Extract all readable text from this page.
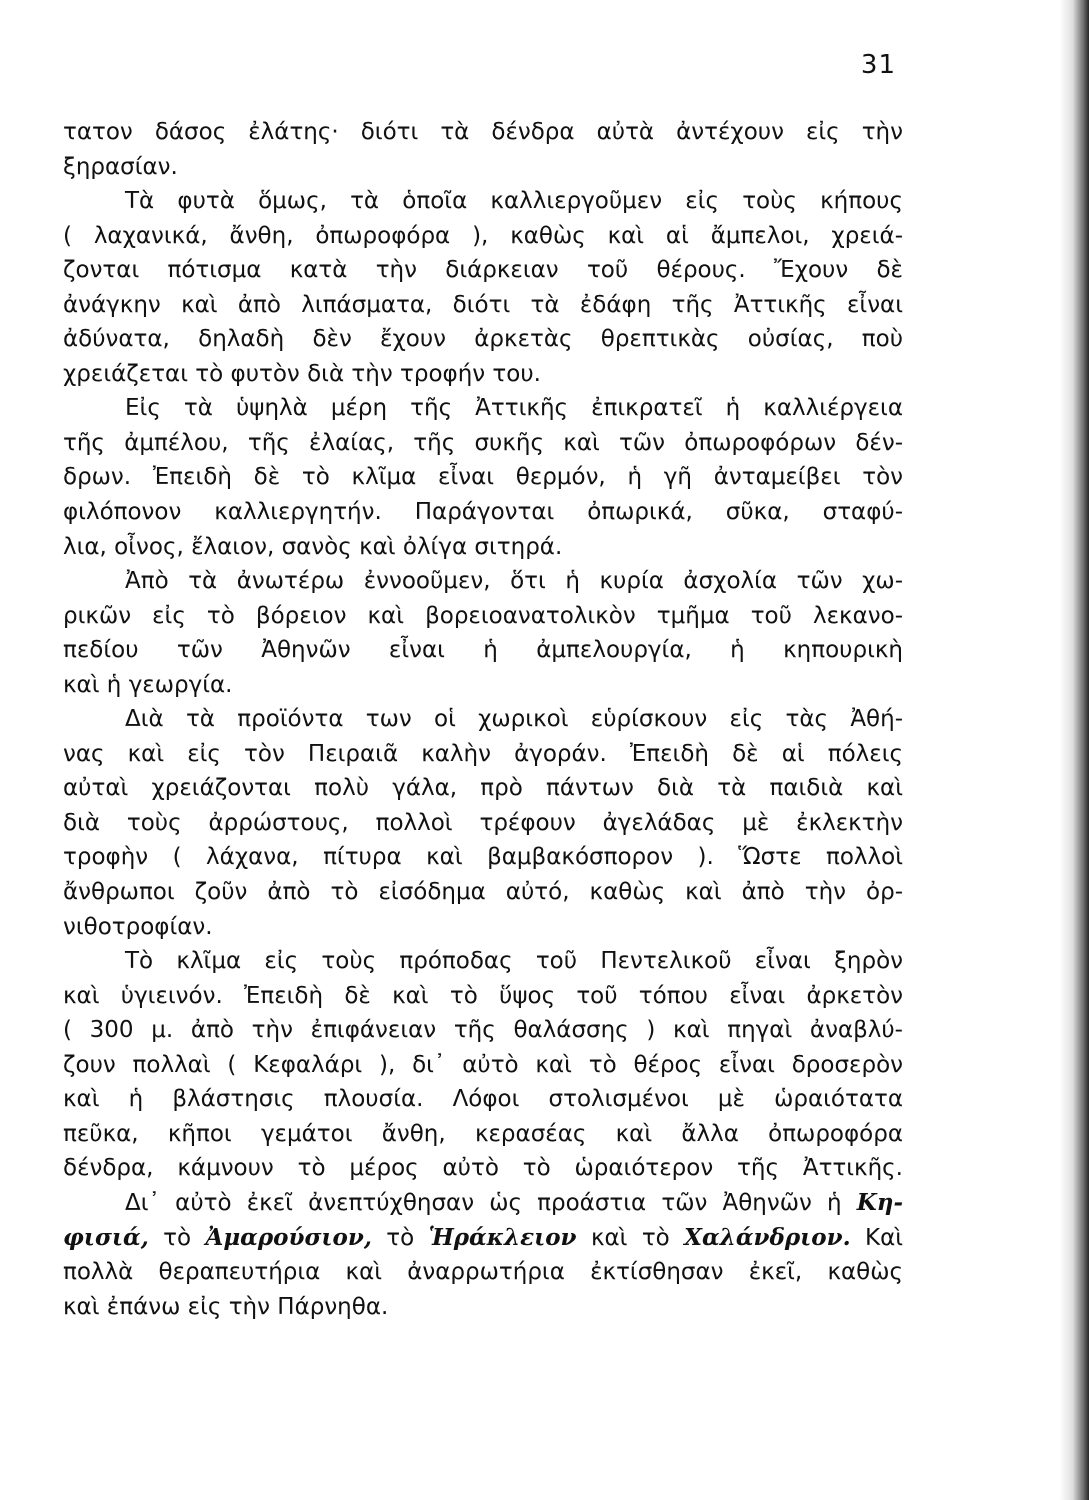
31
τατον δάσος ἐλάτης· διότι τὰ δένδρα αὐτὰ ἀντέχουν εἰς τὴν
ξηρασίαν.
Τὰ φυτὰ ὅμως, τὰ ὁποῖα καλλιεργοῦμεν εἰς τοὺς κήπους
( λαχανικά, ἄνθη, ὀπωροφόρα ), καθὼς καὶ αἱ ἄμπελοι, χρειά-
ζονται πότισμα κατὰ τὴν διάρκειαν τοῦ θέρους. Ἔχουν δὲ
ἀνάγκην καὶ ἀπὸ λιπάσματα, διότι τὰ ἐδάφη τῆς Ἀττικῆς εἶναι
ἀδύνατα, δηλαδὴ δὲν ἔχουν ἀρκετὰς θρεπτικὰς οὐσίας, ποὺ
χρειάζεται τὸ φυτὸν διὰ τὴν τροφήν του.
Εἰς τὰ ὑψηλὰ μέρη τῆς Ἀττικῆς ἐπικρατεῖ ἡ καλλιέργεια
τῆς ἀμπέλου, τῆς ἐλαίας, τῆς συκῆς καὶ τῶν ὀπωροφόρων δέν-
δρων. Ἐπειδὴ δὲ τὸ κλῖμα εἶναι θερμόν, ἡ γῆ ἀνταμείβει τὸν
φιλόπονον καλλιεργητήν. Παράγονται ὀπωρικά, σῦκα, σταφύ-
λια, οἶνος, ἔλαιον, σανὸς καὶ ὀλίγα σιτηρά.
Ἀπὸ τὰ ἀνωτέρω ἐννοοῦμεν, ὅτι ἡ κυρία ἀσχολία τῶν χω-
ρικῶν εἰς τὸ βόρειον καὶ βορειοανατολικὸν τμῆμα τοῦ λεκανο-
πεδίου τῶν Ἀθηνῶν εἶναι ἡ ἀμπελουργία, ἡ κηπουρικὴ
καὶ ἡ γεωργία.
Διὰ τὰ προϊόντα των οἱ χωρικοὶ εὑρίσκουν εἰς τὰς Ἀθή-
νας καὶ εἰς τὸν Πειραιᾶ καλὴν ἀγοράν. Ἐπειδὴ δὲ αἱ πόλεις
αὐταὶ χρειάζονται πολὺ γάλα, πρὸ πάντων διὰ τὰ παιδιὰ καὶ
διὰ τοὺς ἀρρώστους, πολλοὶ τρέφουν ἀγελάδας μὲ ἐκλεκτὴν
τροφὴν ( λάχανα, πίτυρα καὶ βαμβακόσπορον ). Ὥστε πολλοὶ
ἄνθρωποι ζοῦν ἀπὸ τὸ εἰσόδημα αὐτό, καθὼς καὶ ἀπὸ τὴν ὀρ-
νιθοτροφίαν.
Τὸ κλῖμα εἰς τοὺς πρόποδας τοῦ Πεντελικοῦ εἶναι ξηρὸν
καὶ ὑγιεινόν. Ἐπειδὴ δὲ καὶ τὸ ὕψος τοῦ τόπου εἶναι ἀρκετὸν
( 300 μ. ἀπὸ τὴν ἐπιφάνειαν τῆς θαλάσσης ) καὶ πηγαὶ ἀναβλύ-
ζουν πολλαὶ ( Κεφαλάρι ), δι᾿ αὐτὸ καὶ τὸ θέρος εἶναι δροσερὸν
καὶ ἡ βλάστησις πλουσία. Λόφοι στολισμένοι μὲ ὡραιότατα
πεῦκα, κῆποι γεμάτοι ἄνθη, κερασέας καὶ ἄλλα ὀπωροφόρα
δένδρα, κάμνουν τὸ μέρος αὐτὸ τὸ ὡραιότερον τῆς Ἀττικῆς.
Δι᾿ αὐτὸ ἐκεῖ ἀνεπτύχθησαν ὡς προάστια τῶν Ἀθηνῶν ἡ Κη-
φισιά, τὸ Ἀμαρούσιον, τὸ Ἡράκλειον καὶ τὸ Χαλάνδριον. Καὶ
πολλὰ θεραπευτήρια καὶ ἀναρρωτήρια ἐκτίσθησαν ἐκεῖ, καθὼς
καὶ ἐπάνω εἰς τὴν Πάρνηθα.
